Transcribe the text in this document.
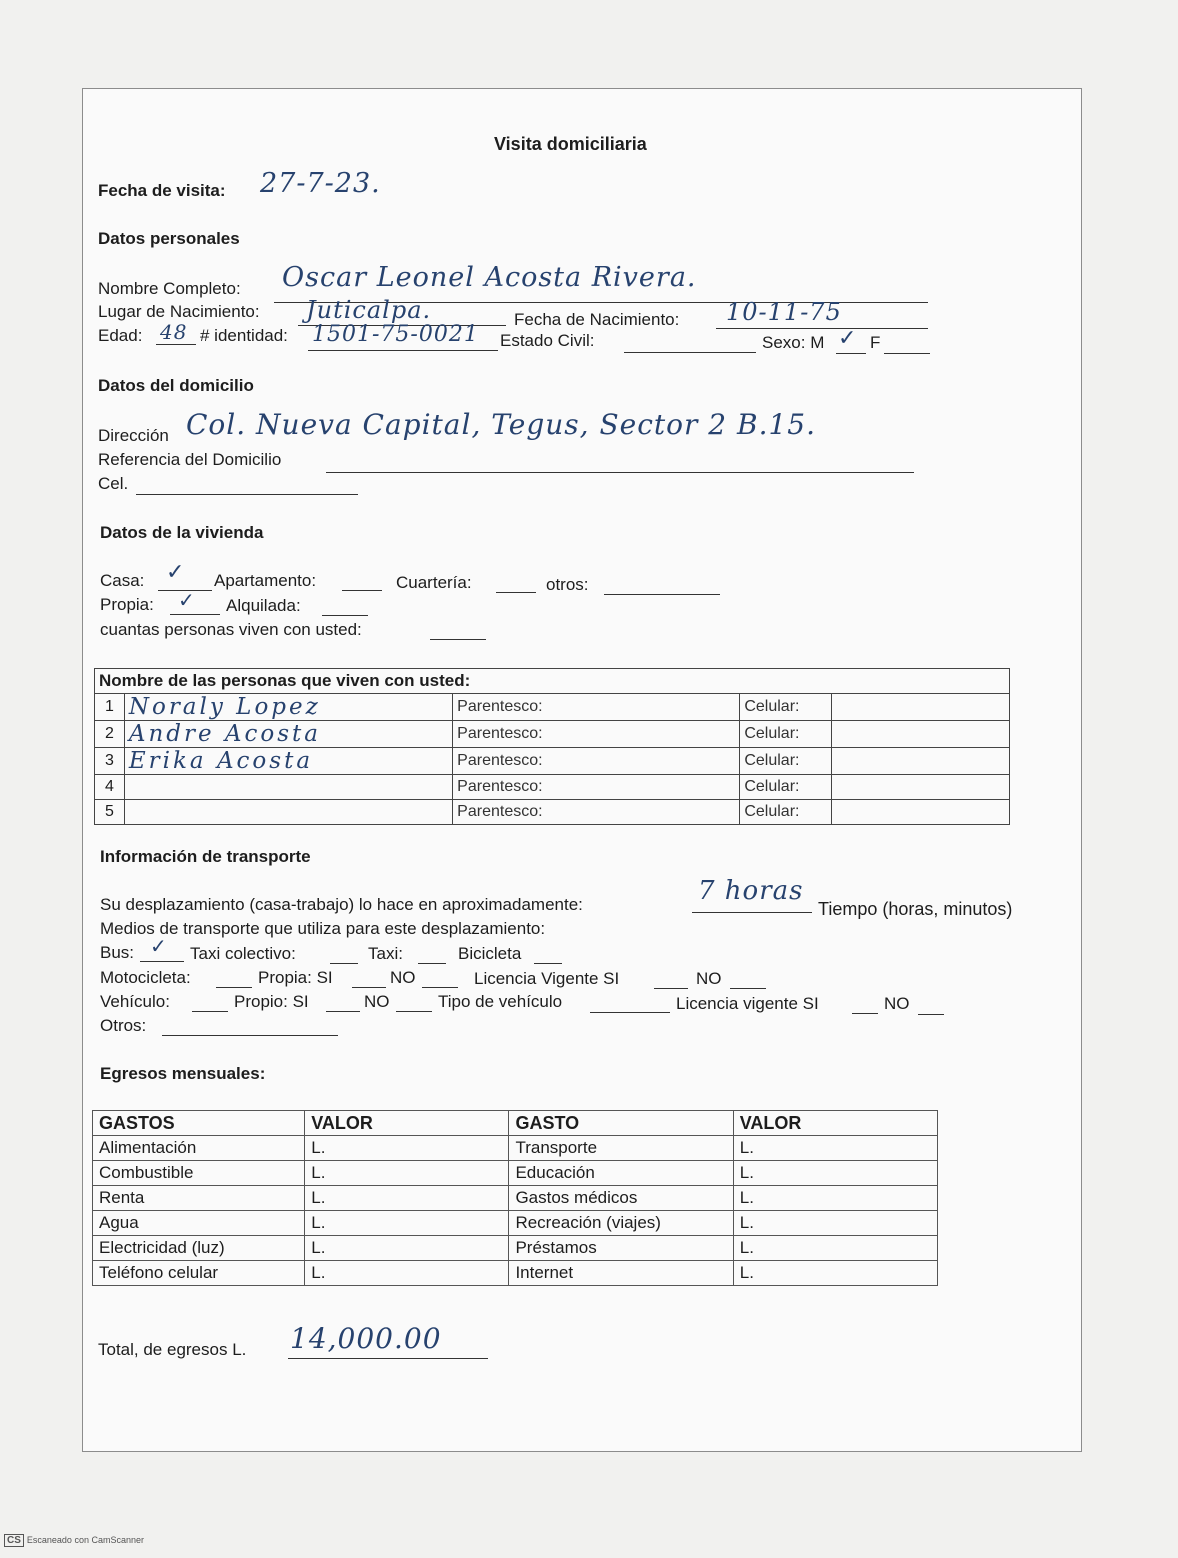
Visita domiciliaria
Fecha de visita: 27-7-23.
Datos personales
Nombre Completo: Oscar Leonel Acosta Rivera.
Lugar de Nacimiento: Juticalpa.	Fecha de Nacimiento: 10-11-75
Edad: 48 # identidad: 1501-75-0021 Estado Civil:	Sexo: M ✓ F
Datos del domicilio
Dirección Col. Nueva Capital, Tegus, Sector 2 B.15.
Referencia del Domicilio
Cel.
Datos de la vivienda
Casa: ✓ Apartamento:	Cuartería:	otros:
Propia: ✓ Alquilada:
cuantas personas viven con usted:
Nombre de las personas que viven con usted:				
1	Noraly Lopez	Parentesco:	Celular:	
2	Andre Acosta	Parentesco:	Celular:	
3	Erika Acosta	Parentesco:	Celular:	
4		Parentesco:	Celular:	
5		Parentesco:	Celular:	
Información de transporte
Su desplazamiento (casa-trabajo) lo hace en aproximadamente:	7 horas
Tiempo (horas, minutos)
Medios de transporte que utiliza para este desplazamiento:
Bus: ✓ Taxi colectivo:	Taxi:	Bicicleta
Motocicleta:	Propia: SI	NO	Licencia Vigente SI	NO
Vehículo:	Propio: SI	NO	Tipo de vehículo	Licencia vigente SI	NO
Otros:
Egresos mensuales:
GASTOS	VALOR	GASTO	VALOR
Alimentación	L.	Transporte	L.
Combustible	L.	Educación	L.
Renta	L.	Gastos médicos	L.
Agua	L.	Recreación (viajes)	L.
Electricidad (luz)	L.	Préstamos	L.
Teléfono celular	L.	Internet	L.
Total, de egresos L. 14,000.00
CS Escaneado con CamScanner
